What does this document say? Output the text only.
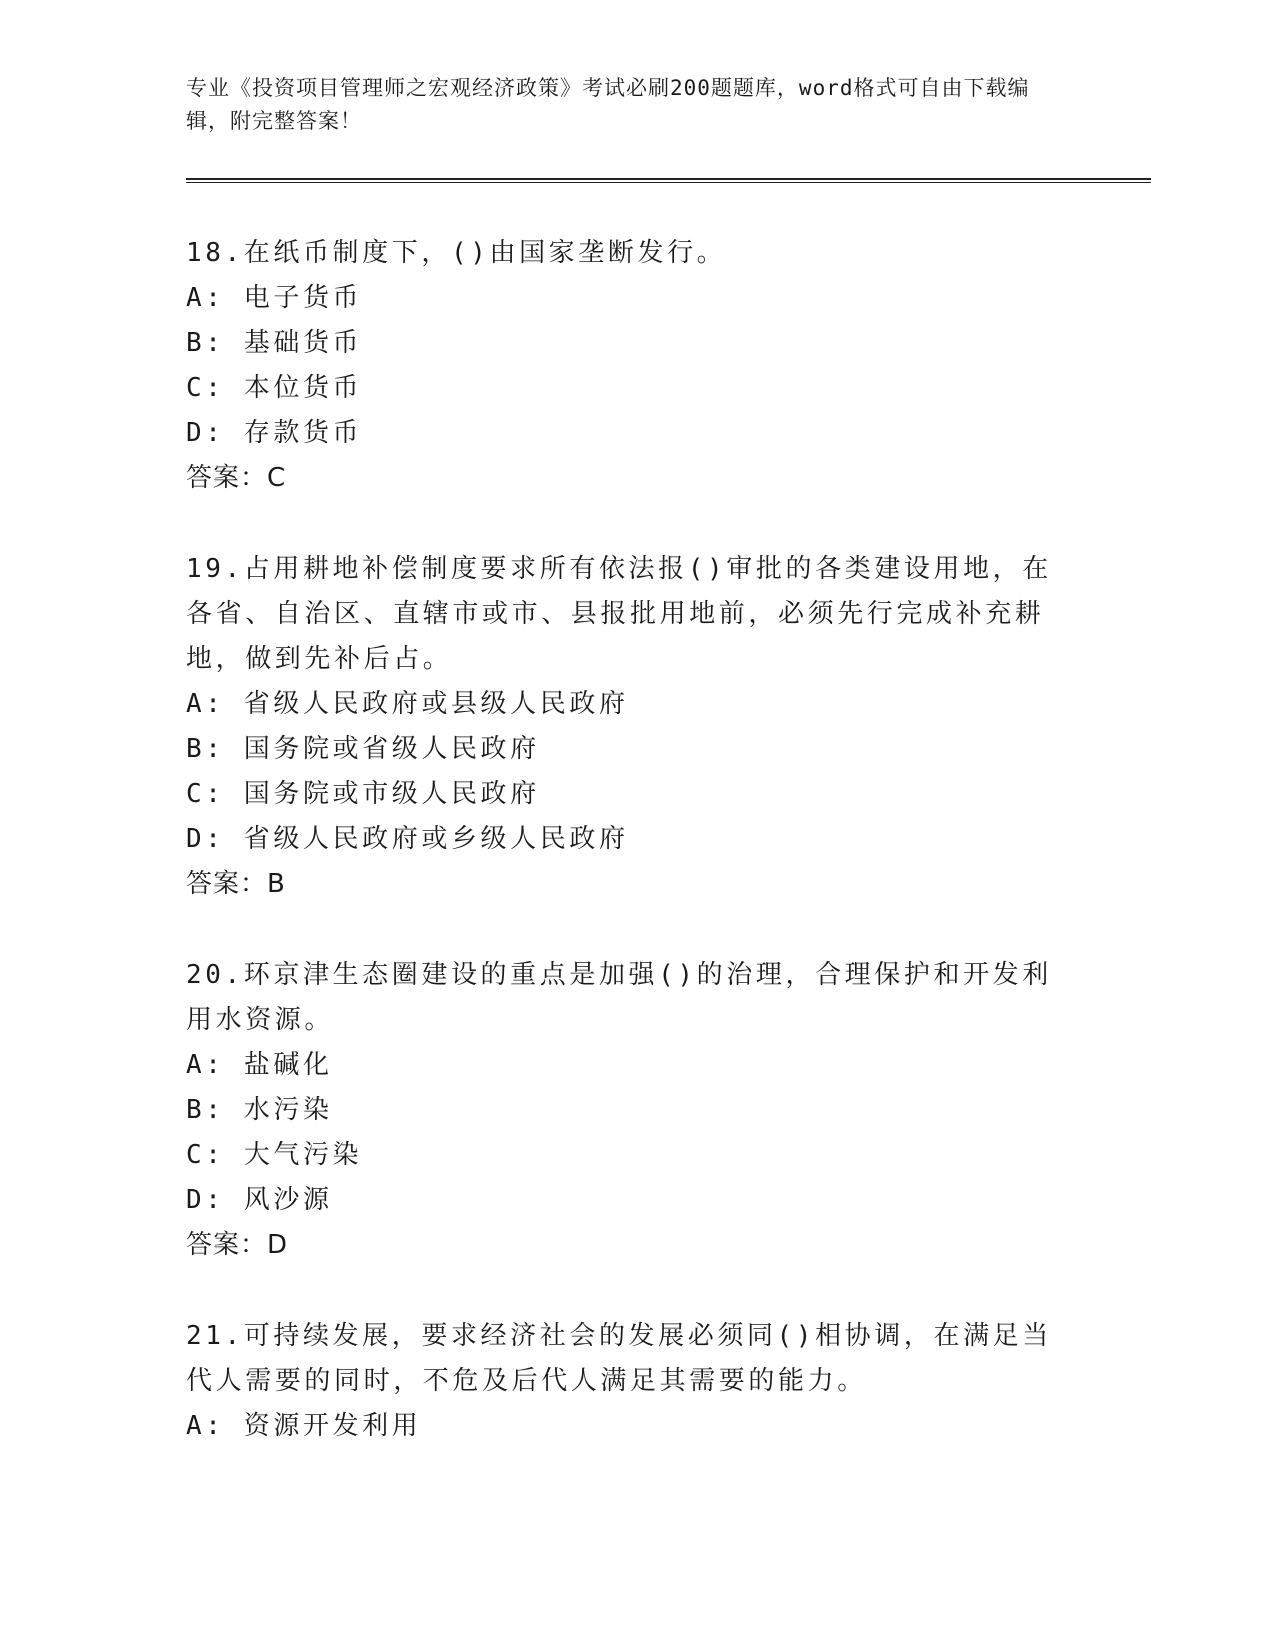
专业《投资项目管理师之宏观经济政策》考试必刷200题题库，word格式可自由下载编辑，附完整答案！
18.在纸币制度下，()由国家垄断发行。
A: 电子货币
B: 基础货币
C: 本位货币
D: 存款货币
答案：C
19.占用耕地补偿制度要求所有依法报()审批的各类建设用地，在各省、自治区、直辖市或市、县报批用地前，必须先行完成补充耕地，做到先补后占。
A: 省级人民政府或县级人民政府
B: 国务院或省级人民政府
C: 国务院或市级人民政府
D: 省级人民政府或乡级人民政府
答案：B
20.环京津生态圈建设的重点是加强()的治理，合理保护和开发利用水资源。
A: 盐碱化
B: 水污染
C: 大气污染
D: 风沙源
答案：D
21.可持续发展，要求经济社会的发展必须同()相协调，在满足当代人需要的同时，不危及后代人满足其需要的能力。
A: 资源开发利用
